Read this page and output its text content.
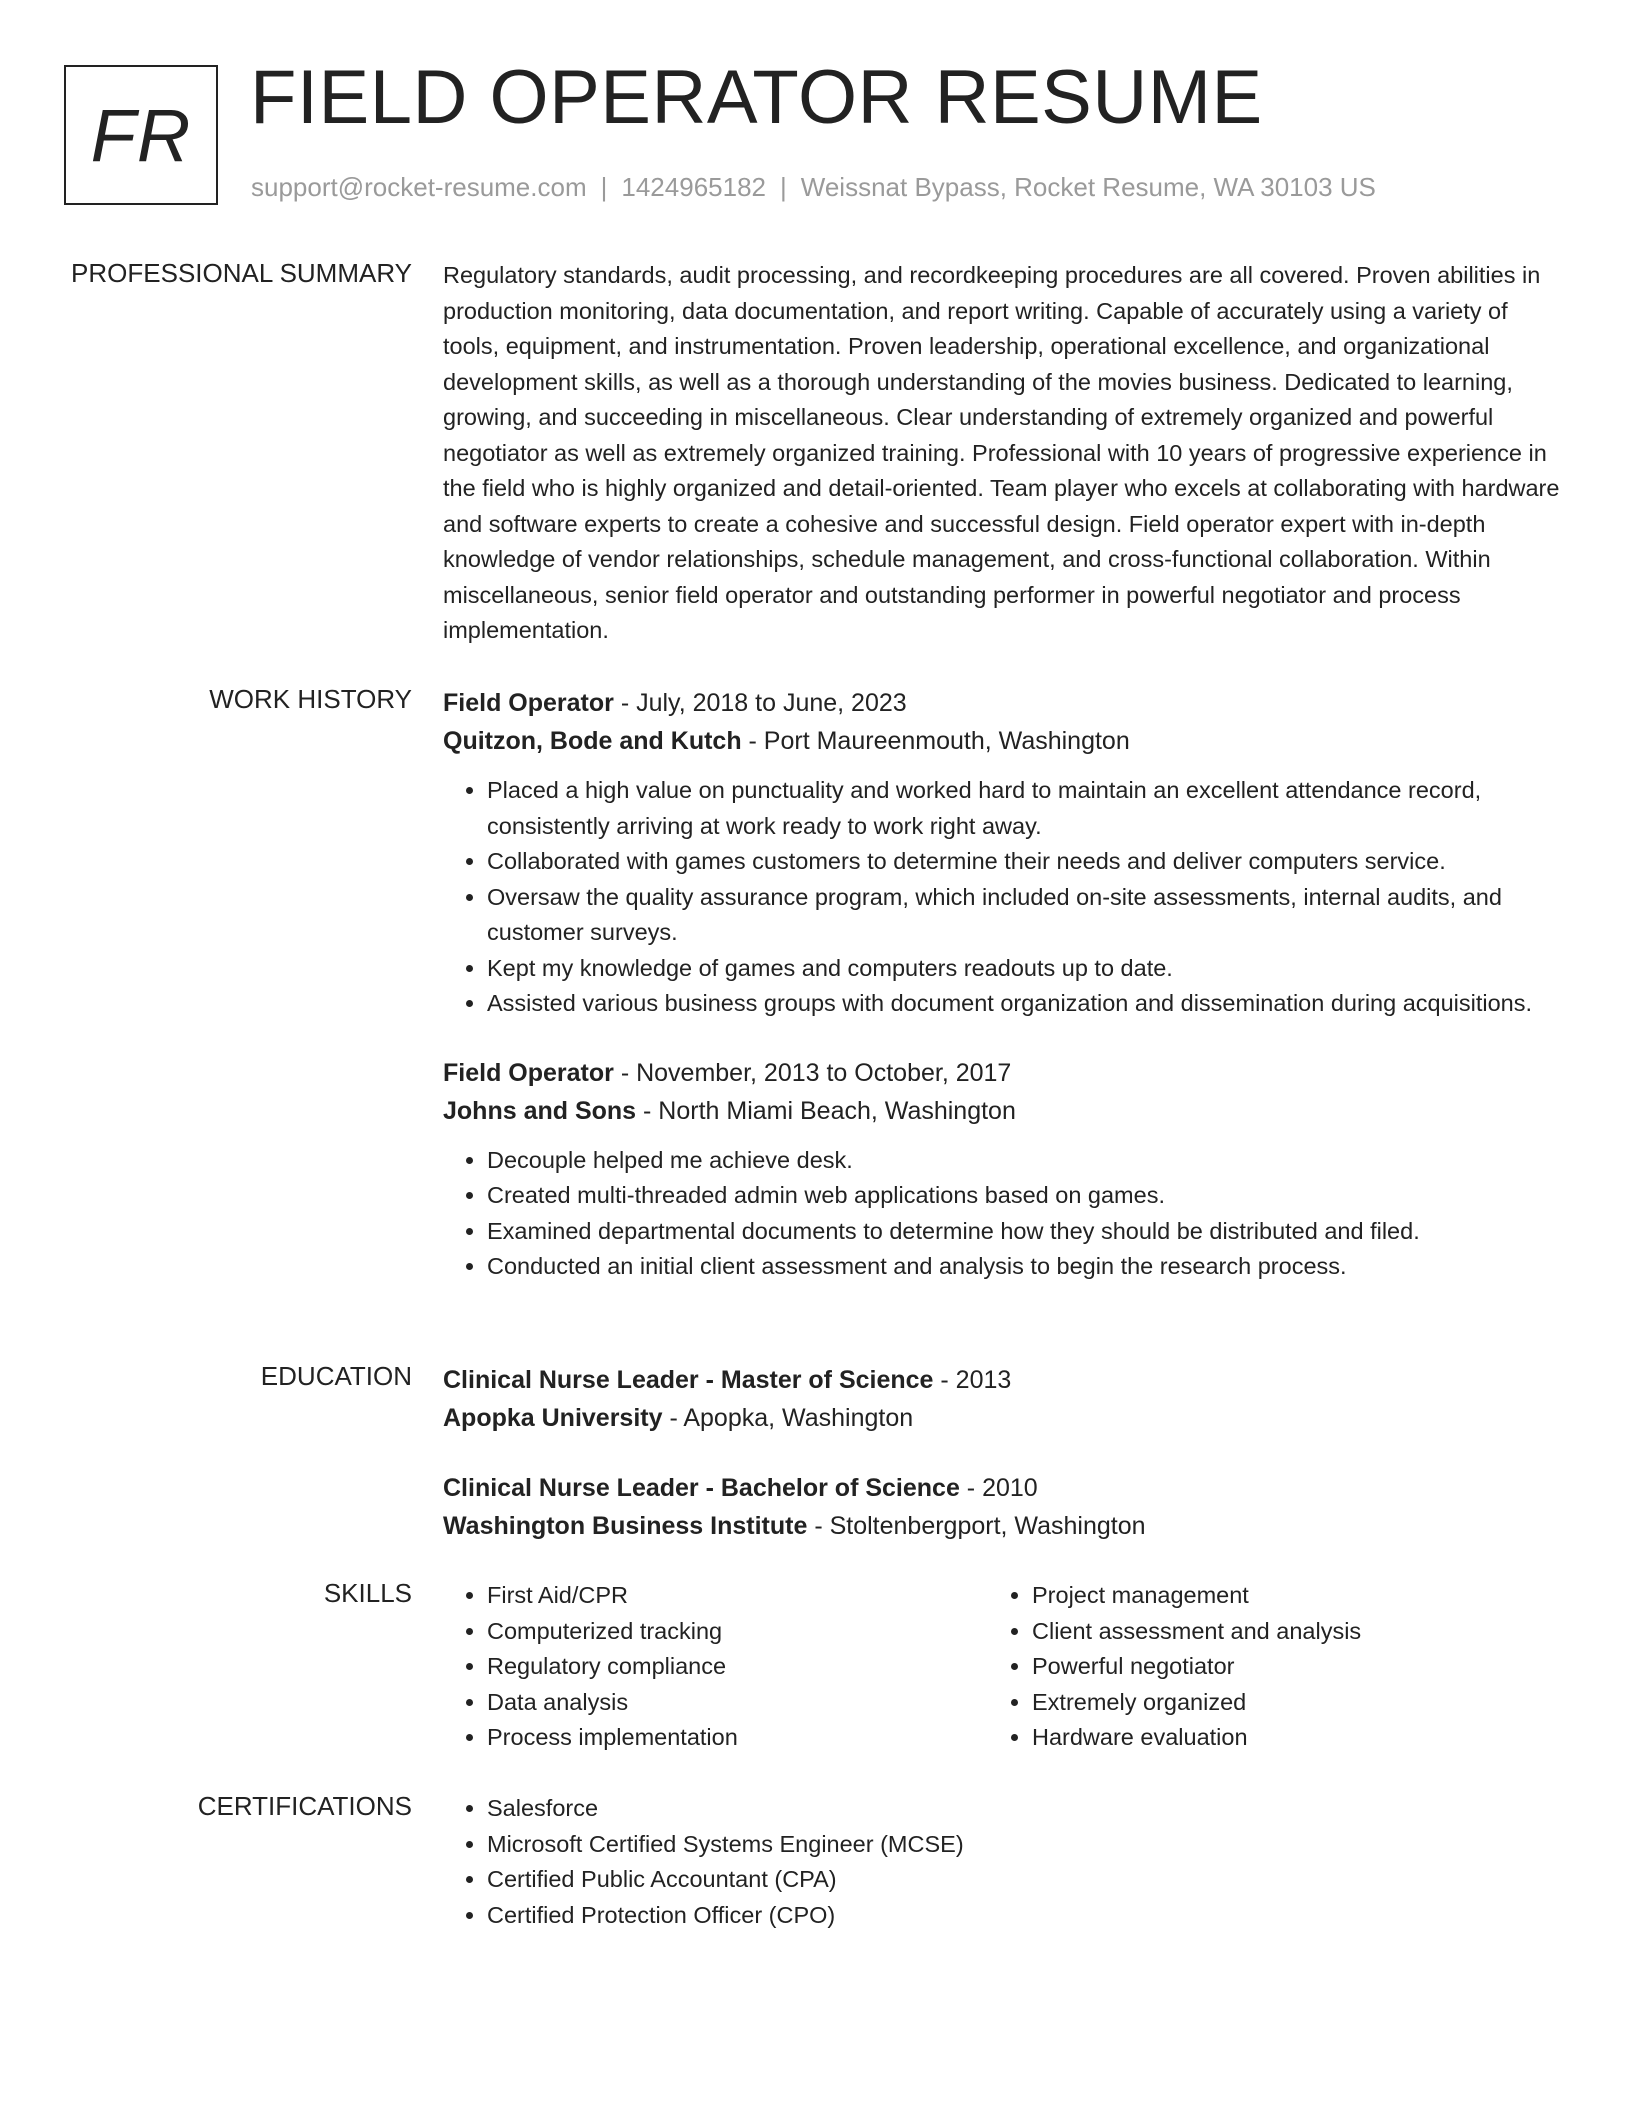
FR FIELD OPERATOR RESUME
support@rocket-resume.com | 1424965182 | Weissnat Bypass, Rocket Resume, WA 30103 US
PROFESSIONAL SUMMARY Regulatory standards, audit processing, and recordkeeping procedures are all covered. Proven abilities in production monitoring, data documentation, and report writing. Capable of accurately using a variety of tools, equipment, and instrumentation. Proven leadership, operational excellence, and organizational development skills, as well as a thorough understanding of the movies business. Dedicated to learning, growing, and succeeding in miscellaneous. Clear understanding of extremely organized and powerful negotiator as well as extremely organized training. Professional with 10 years of progressive experience in the field who is highly organized and detail-oriented. Team player who excels at collaborating with hardware and software experts to create a cohesive and successful design. Field operator expert with in-depth knowledge of vendor relationships, schedule management, and cross-functional collaboration. Within miscellaneous, senior field operator and outstanding performer in powerful negotiator and process implementation.

WORK HISTORY Field Operator - July, 2018 to June, 2023
Quitzon, Bode and Kutch - Port Maureenmouth, Washington
• Placed a high value on punctuality and worked hard to maintain an excellent attendance record, consistently arriving at work ready to work right away.
• Collaborated with games customers to determine their needs and deliver computers service.
• Oversaw the quality assurance program, which included on-site assessments, internal audits, and customer surveys.
• Kept my knowledge of games and computers readouts up to date.
• Assisted various business groups with document organization and dissemination during acquisitions.
Field Operator - November, 2013 to October, 2017
Johns and Sons - North Miami Beach, Washington
• Decouple helped me achieve desk.
• Created multi-threaded admin web applications based on games.
• Examined departmental documents to determine how they should be distributed and filed.
• Conducted an initial client assessment and analysis to begin the research process.
EDUCATION Clinical Nurse Leader - Master of Science - 2013
Apopka University - Apopka, Washington
Clinical Nurse Leader - Bachelor of Science - 2010
Washington Business Institute - Stoltenbergport, Washington
SKILLS	• First Aid/CPR
• Computerized tracking
• Regulatory compliance
• Data analysis
• Process implementation
• Project management
• Client assessment and analysis
• Powerful negotiator
• Extremely organized
• Hardware evaluation
CERTIFICATIONS	• Salesforce
• Microsoft Certified Systems Engineer (MCSE)
• Certified Public Accountant (CPA)
• Certified Protection Officer (CPO)
